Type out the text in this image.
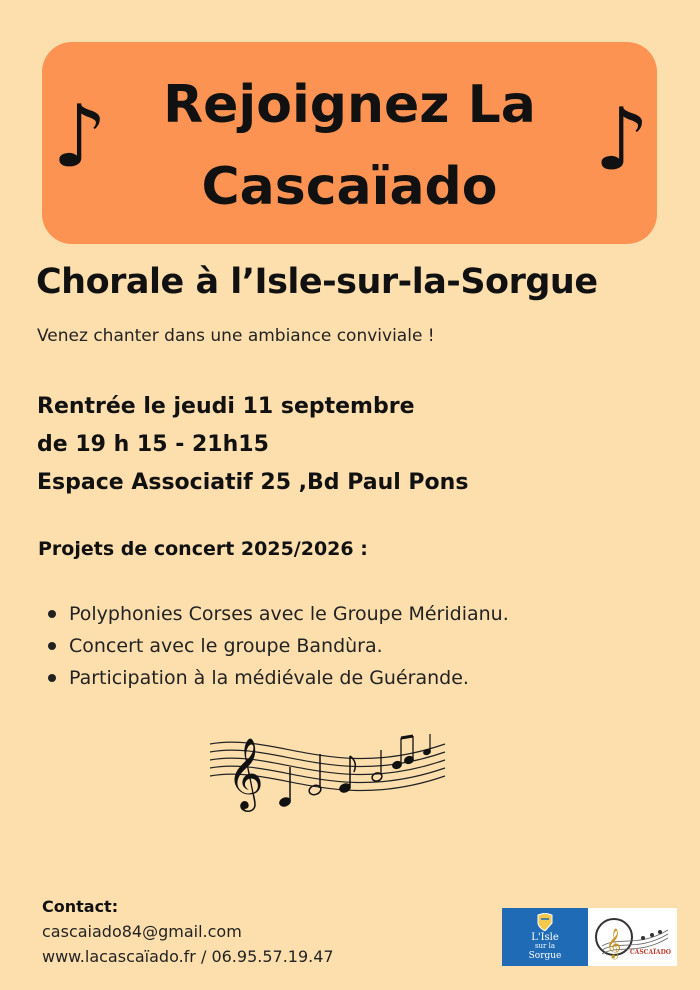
♪ Rejoignez La Cascaïado	♪
Chorale à l’Isle-sur-la-Sorgue
Venez chanter dans une ambiance conviviale !
Rentrée le jeudi 11 septembre
de 19 h 15 - 21h15
Espace Associatif 25 ,Bd Paul Pons
Projets de concert 2025/2026 :
Polyphonies Corses avec le Groupe Méridianu.
Concert avec le groupe Bandùra.
Participation à la médiévale de Guérande.
𝄞
Contact:
cascaiado84@gmail.com
www.lacascaïado.fr / 06.95.57.19.47
L'Isle
sur la
Sorgue	𝄞 CASCAÏADO
